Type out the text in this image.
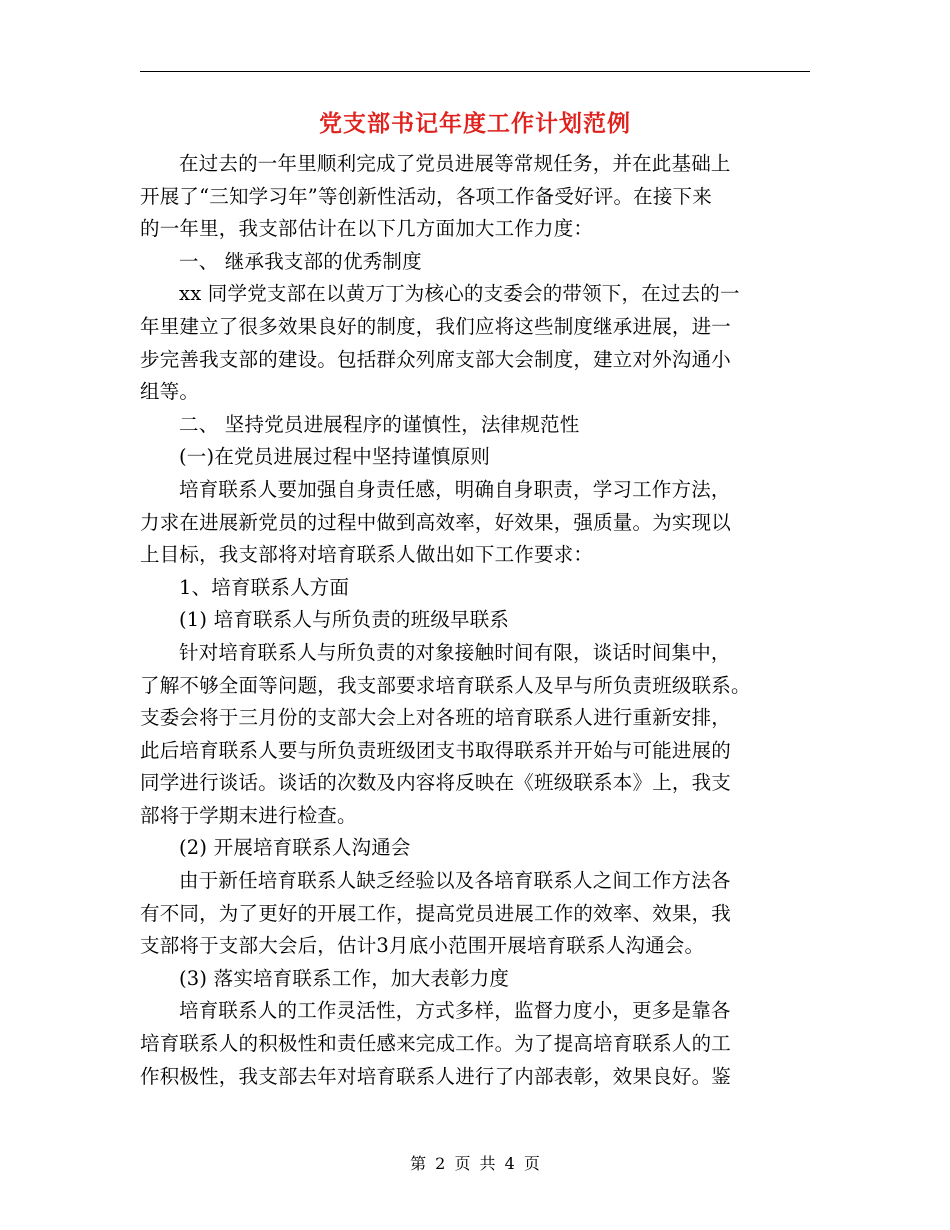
党支部书记年度工作计划范例

在过去的一年里顺利完成了党员进展等常规任务，并在此基础上
开展了“三知学习年”等创新性活动，各项工作备受好评。在接下来
的一年里，我支部估计在以下几方面加大工作力度：

一、 继承我支部的优秀制度

xx 同学党支部在以黄万丁为核心的支委会的带领下，在过去的一
年里建立了很多效果良好的制度，我们应将这些制度继承进展，进一
步完善我支部的建设。包括群众列席支部大会制度，建立对外沟通小
组等。

二、 坚持党员进展程序的谨慎性，法律规范性

(一)在党员进展过程中坚持谨慎原则

培育联系人要加强自身责任感，明确自身职责，学习工作方法，
力求在进展新党员的过程中做到高效率，好效果，强质量。为实现以
上目标，我支部将对培育联系人做出如下工作要求：

1、培育联系人方面

(1) 培育联系人与所负责的班级早联系

针对培育联系人与所负责的对象接触时间有限，谈话时间集中，
了解不够全面等问题，我支部要求培育联系人及早与所负责班级联系。
支委会将于三月份的支部大会上对各班的培育联系人进行重新安排，
此后培育联系人要与所负责班级团支书取得联系并开始与可能进展的
同学进行谈话。谈话的次数及内容将反映在《班级联系本》上，我支
部将于学期末进行检查。

(2) 开展培育联系人沟通会

由于新任培育联系人缺乏经验以及各培育联系人之间工作方法各
有不同，为了更好的开展工作，提高党员进展工作的效率、效果，我
支部将于支部大会后，估计3月底小范围开展培育联系人沟通会。

(3) 落实培育联系工作，加大表彰力度

培育联系人的工作灵活性，方式多样，监督力度小，更多是靠各
培育联系人的积极性和责任感来完成工作。为了提高培育联系人的工
作积极性，我支部去年对培育联系人进行了内部表彰，效果良好。鉴

第 2 页 共 4 页
